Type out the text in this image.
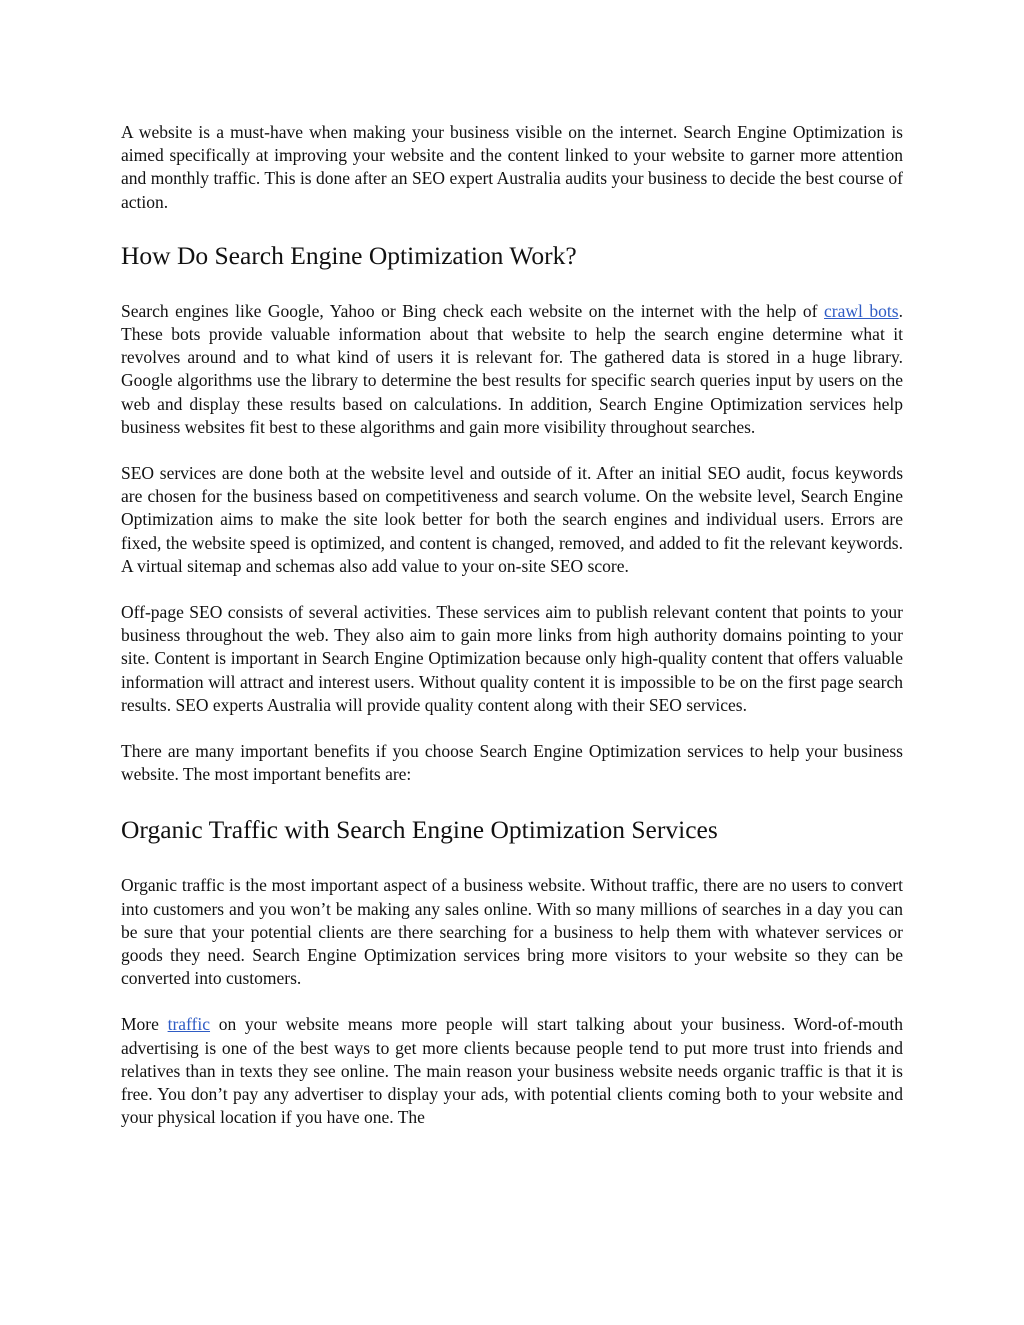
A website is a must-have when making your business visible on the internet. Search Engine Optimization is aimed specifically at improving your website and the content linked to your website to garner more attention and monthly traffic. This is done after an SEO expert Australia audits your business to decide the best course of action.

How Do Search Engine Optimization Work?

Search engines like Google, Yahoo or Bing check each website on the internet with the help of crawl bots. These bots provide valuable information about that website to help the search engine determine what it revolves around and to what kind of users it is relevant for. The gathered data is stored in a huge library. Google algorithms use the library to determine the best results for specific search queries input by users on the web and display these results based on calculations. In addition, Search Engine Optimization services help business websites fit best to these algorithms and gain more visibility throughout searches.

SEO services are done both at the website level and outside of it. After an initial SEO audit, focus keywords are chosen for the business based on competitiveness and search volume. On the website level, Search Engine Optimization aims to make the site look better for both the search engines and individual users. Errors are fixed, the website speed is optimized, and content is changed, removed, and added to fit the relevant keywords. A virtual sitemap and schemas also add value to your on-site SEO score.

Off-page SEO consists of several activities. These services aim to publish relevant content that points to your business throughout the web. They also aim to gain more links from high authority domains pointing to your site. Content is important in Search Engine Optimization because only high-quality content that offers valuable information will attract and interest users. Without quality content it is impossible to be on the first page search results. SEO experts Australia will provide quality content along with their SEO services.

There are many important benefits if you choose Search Engine Optimization services to help your business website. The most important benefits are:

Organic Traffic with Search Engine Optimization Services

Organic traffic is the most important aspect of a business website. Without traffic, there are no users to convert into customers and you won’t be making any sales online. With so many millions of searches in a day you can be sure that your potential clients are there searching for a business to help them with whatever services or goods they need. Search Engine Optimization services bring more visitors to your website so they can be converted into customers.

More traffic on your website means more people will start talking about your business. Word-of-mouth advertising is one of the best ways to get more clients because people tend to put more trust into friends and relatives than in texts they see online. The main reason your business website needs organic traffic is that it is free. You don’t pay any advertiser to display your ads, with potential clients coming both to your website and your physical location if you have one. The
